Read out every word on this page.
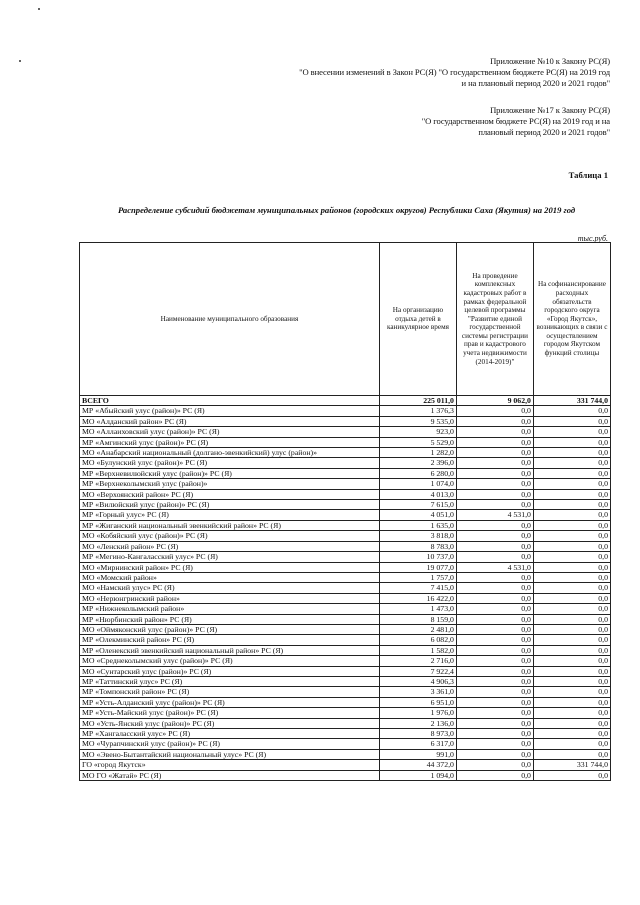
Приложение №10 к Закону РС(Я)
"О внесении изменений в Закон РС(Я) "О государственном бюджете РС(Я) на 2019 год
и на плановый период 2020 и 2021 годов"
Приложение №17 к Закону РС(Я)
"О государственном бюджете РС(Я) на 2019 год и на
плановый период 2020 и 2021 годов"
Таблица 1
Распределение субсидий бюджетам муниципальных районов (городских округов) Республики Саха (Якутия) на 2019 год
тыс.руб.
Наименование муниципального образования	На организацию отдыха детей в каникулярное время	На проведение комплексных кадастровых работ в рамках федеральной целевой программы "Развитие единой государственной системы регистрации прав и кадастрового учета недвижимости (2014-2019)"	На софинансирование расходных обязательств городского округа «Город Якутск», возникающих в связи с осуществлением городом Якутском функций столицы
ВСЕГО	225 011,0	9 062,0	331 744,0
МР «Абыйский улус (район)» РС (Я)	1 376,3	0,0	0,0
МО «Алданский район» РС (Я)	9 535,0	0,0	0,0
МО «Аллаиховский улус (район)» РС (Я)	923,0	0,0	0,0
МР «Амгинский улус (район)» РС (Я)	5 529,0	0,0	0,0
МО «Анабарский национальный (долгано-эвенкийский) улус (район)»	1 282,0	0,0	0,0
МО «Булунский улус (район)» РС (Я)	2 396,0	0,0	0,0
МР «Верхневилюйский улус (район)» РС (Я)	6 280,0	0,0	0,0
МР «Верхнеколымский улус (район)»	1 074,0	0,0	0,0
МО «Верхоянский район» РС (Я)	4 013,0	0,0	0,0
МР «Вилюйский улус (район)» РС (Я)	7 615,0	0,0	0,0
МР «Горный улус» РС (Я)	4 051,0	4 531,0	0,0
МР «Жиганский национальный эвенкийский район» РС (Я)	1 635,0	0,0	0,0
МО «Кобяйский улус (район)» РС (Я)	3 818,0	0,0	0,0
МО «Ленский район» РС (Я)	8 783,0	0,0	0,0
МР «Мегино-Кангаласский улус» РС (Я)	10 737,0	0,0	0,0
МО «Мирнинский район» РС (Я)	19 077,0	4 531,0	0,0
МО «Момский район»	1 757,0	0,0	0,0
МО «Намский улус» РС (Я)	7 415,0	0,0	0,0
МО «Нерюнгринский район»	16 422,0	0,0	0,0
МР «Нижнеколымский район»	1 473,0	0,0	0,0
МР «Нюрбинский район» РС (Я)	8 159,0	0,0	0,0
МО «Оймяконский улус (район)» РС (Я)	2 481,0	0,0	0,0
МР «Олекминский район» РС (Я)	6 082,0	0,0	0,0
МР «Оленекский эвенкийский национальный район» РС (Я)	1 582,0	0,0	0,0
МО «Среднеколымский улус (район)» РС (Я)	2 716,0	0,0	0,0
МО «Сунтарский улус (район)» РС (Я)	7 922,4	0,0	0,0
МР «Таттинский улус» РС (Я)	4 906,3	0,0	0,0
МР «Томпонский район» РС (Я)	3 361,0	0,0	0,0
МР «Усть-Алданский улус (район)» РС (Я)	6 951,0	0,0	0,0
МР «Усть-Майский улус (район)» РС (Я)	1 976,0	0,0	0,0
МО «Усть-Янский улус (район)» РС (Я)	2 136,0	0,0	0,0
МР «Хангаласский улус» РС (Я)	8 973,0	0,0	0,0
МО «Чурапчинский улус (район)» РС (Я)	6 317,0	0,0	0,0
МО «Эвено-Бытантайский национальный улус» РС (Я)	991,0	0,0	0,0
ГО «город Якутск»	44 372,0	0,0	331 744,0
МО ГО «Жатай» РС (Я)	1 094,0	0,0	0,0
